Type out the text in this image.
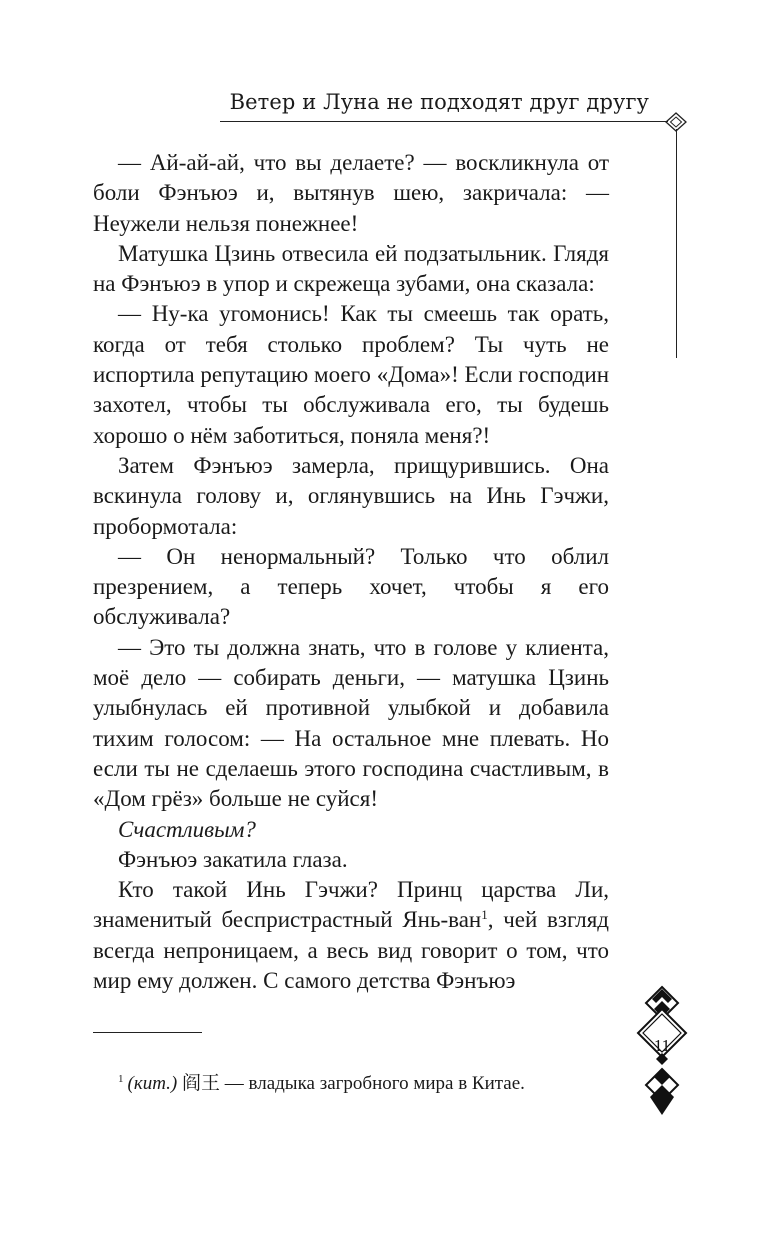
Ветер и Луна не подходят друг другу

— Ай-ай-ай, что вы делаете? — воскликнула от боли Фэнъюэ и, вытянув шею, закричала: — Неужели нельзя понежнее!

Матушка Цзинь отвесила ей подзатыльник. Глядя на Фэнъюэ в упор и скрежеща зубами, она сказала:

— Ну-ка угомонись! Как ты смеешь так орать, когда от тебя столько проблем? Ты чуть не испортила репутацию моего «Дома»! Если господин захотел, чтобы ты обслуживала его, ты будешь хорошо о нём заботиться, поняла меня?!

Затем Фэнъюэ замерла, прищурившись. Она вскинула голову и, оглянувшись на Инь Гэчжи, пробормотала:

— Он ненормальный? Только что облил презрением, а теперь хочет, чтобы я его обслуживала?

— Это ты должна знать, что в голове у клиента, моё дело — собирать деньги, — матушка Цзинь улыбнулась ей противной улыбкой и добавила тихим голосом: — На остальное мне плевать. Но если ты не сделаешь этого господина счастливым, в «Дом грёз» больше не суйся!

Счастливым?

Фэнъюэ закатила глаза.

Кто такой Инь Гэчжи? Принц царства Ли, знаменитый беспристрастный Янь-ван$^1$, чей взгляд всегда непроницаем, а весь вид говорит о том, что мир ему должен. С самого детства Фэнъюэ

$^1$ (кит.) 阎王 — владыка загробного мира в Китае.
11
